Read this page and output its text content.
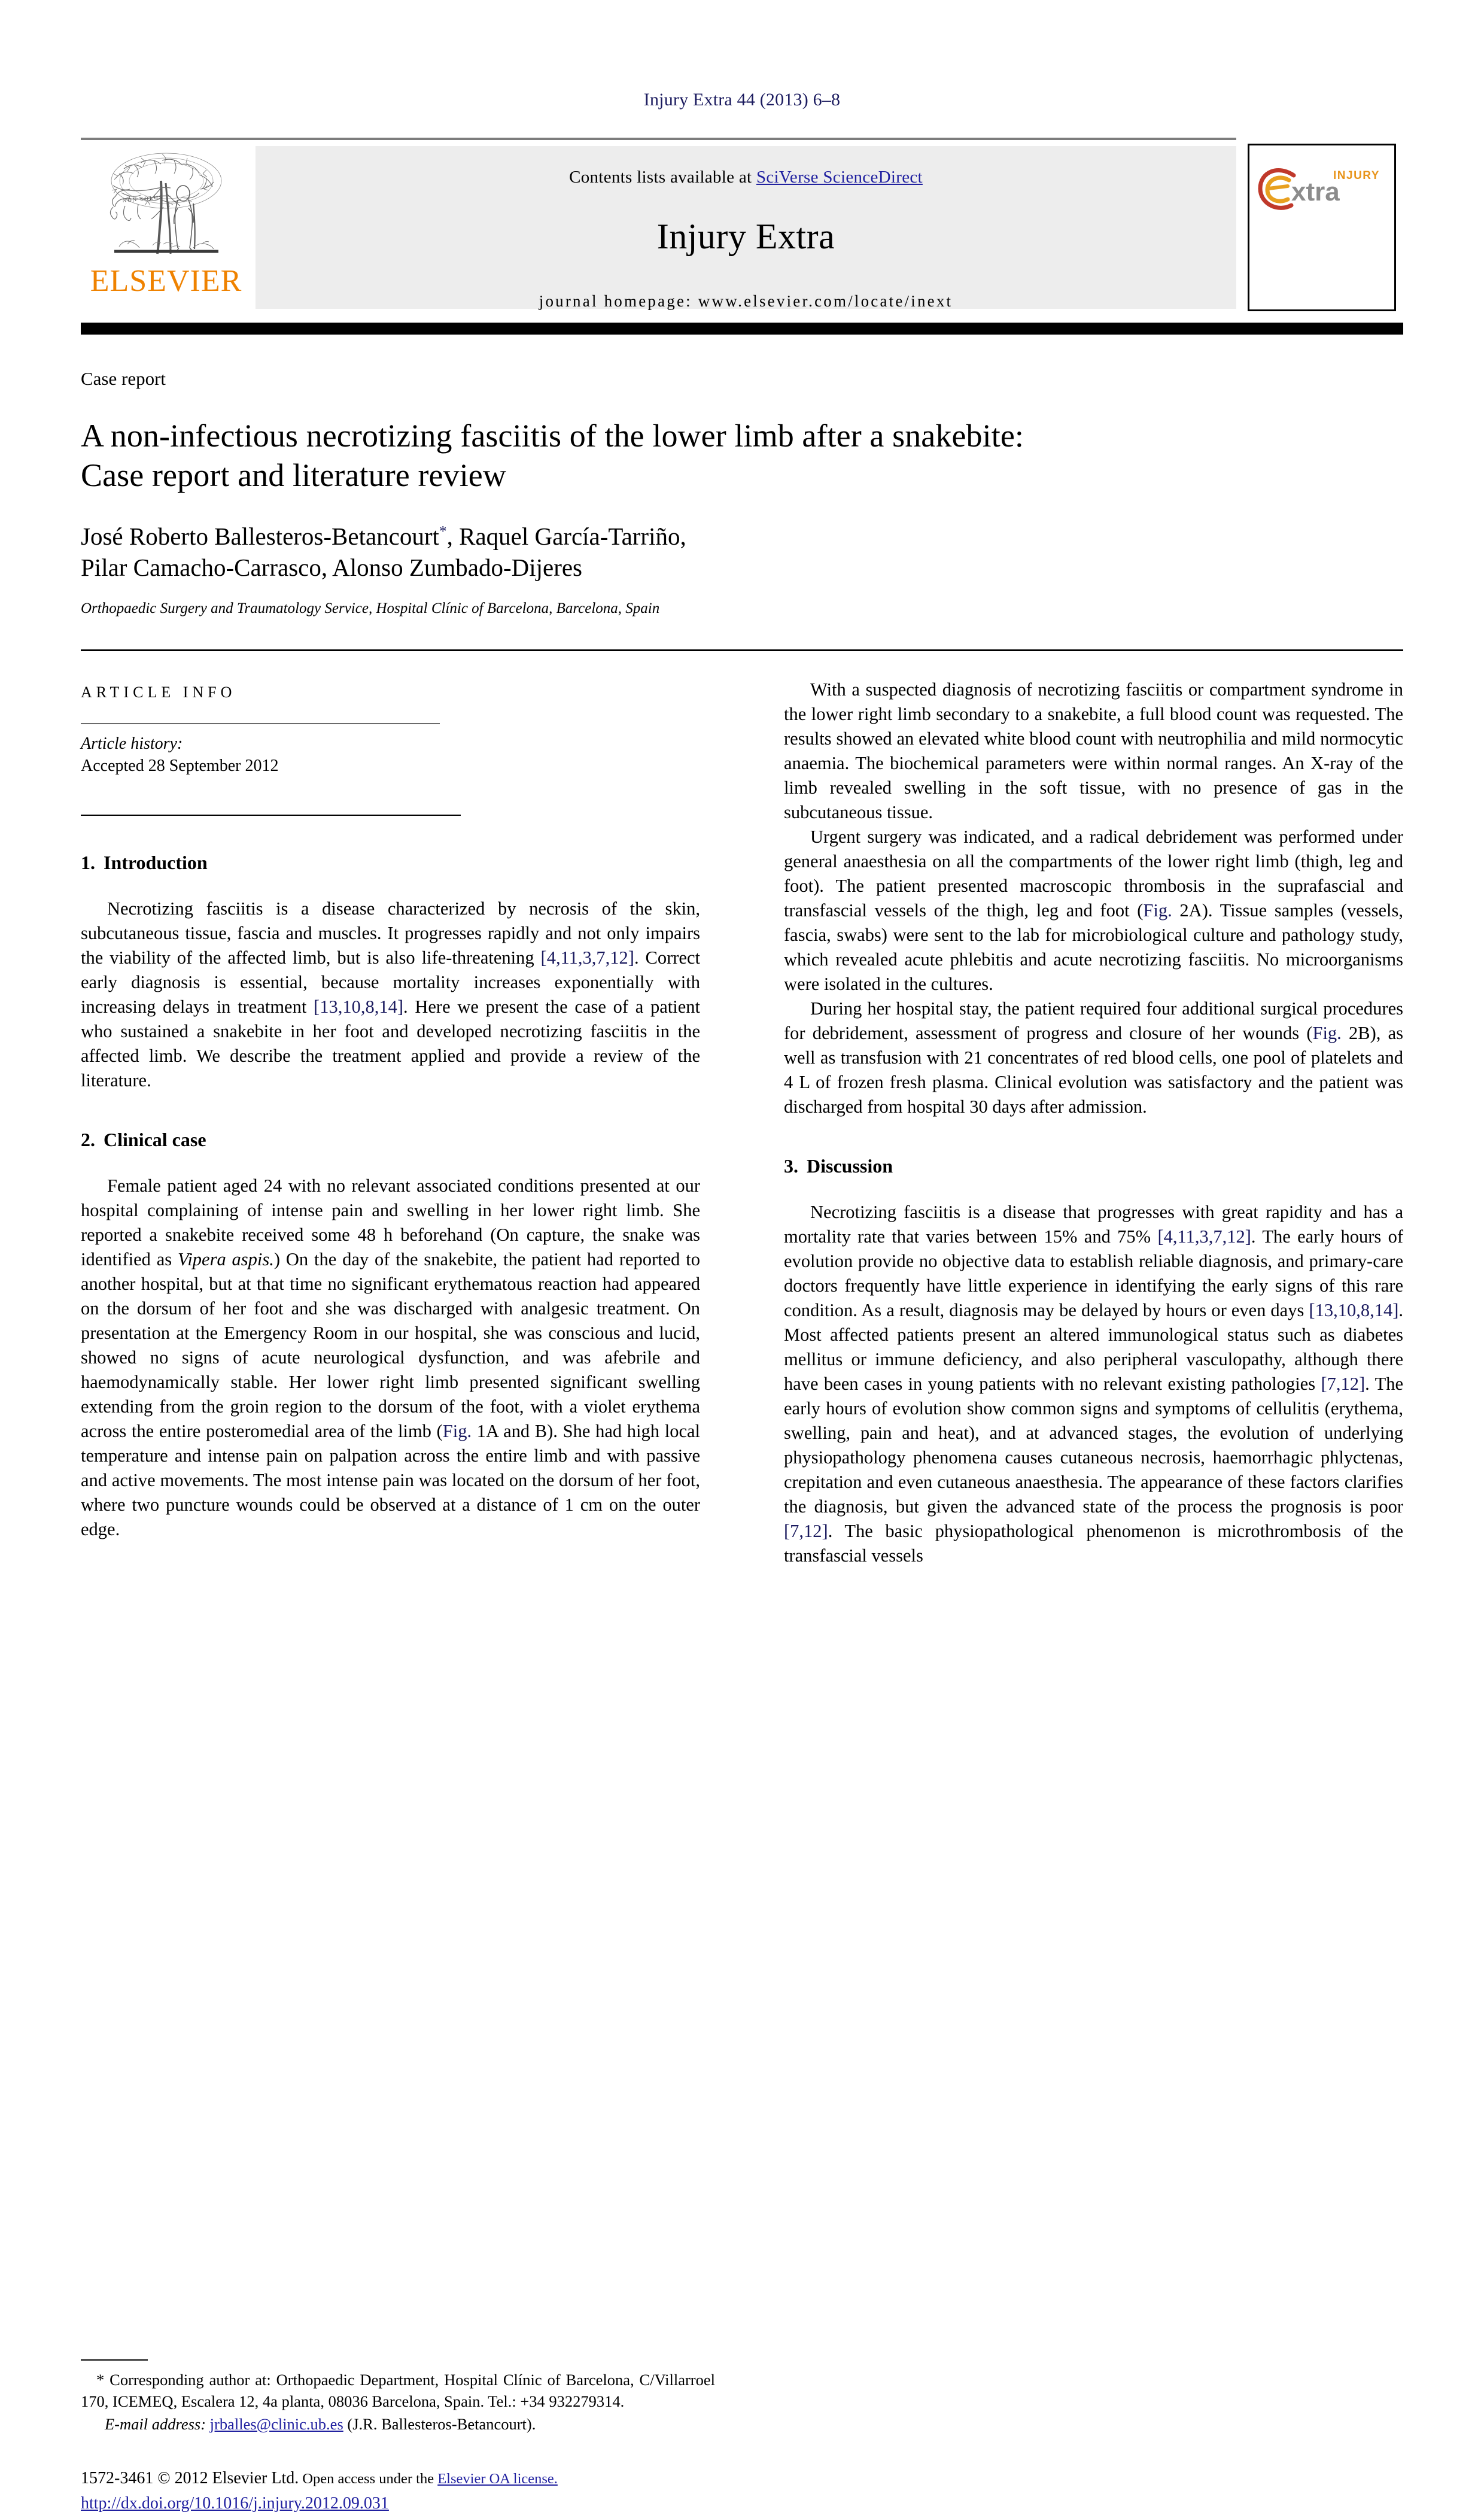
Injury Extra 44 (2013) 6–8
NON SOLUS
ELSEVIER
Contents lists available at SciVerse ScienceDirect
Injury Extra
journal homepage: www.elsevier.com/locate/inext
xtra
INJURY
Case report
A non-infectious necrotizing fasciitis of the lower limb after a snakebite:
Case report and literature review
José Roberto Ballesteros-Betancourt*, Raquel García-Tarriño,
Pilar Camacho-Carrasco, Alonso Zumbado-Dijeres
Orthopaedic Surgery and Traumatology Service, Hospital Clínic of Barcelona, Barcelona, Spain
ARTICLE INFO
Article history:
Accepted 28 September 2012
1. Introduction

Necrotizing fasciitis is a disease characterized by necrosis of the skin, subcutaneous tissue, fascia and muscles. It progresses rapidly and not only impairs the viability of the affected limb, but is also life-threatening [4,11,3,7,12]. Correct early diagnosis is essential, because mortality increases exponentially with increasing delays in treatment [13,10,8,14]. Here we present the case of a patient who sustained a snakebite in her foot and developed necrotizing fasciitis in the affected limb. We describe the treatment applied and provide a review of the literature.

2. Clinical case

Female patient aged 24 with no relevant associated conditions presented at our hospital complaining of intense pain and swelling in her lower right limb. She reported a snakebite received some 48 h beforehand (On capture, the snake was identified as Vipera aspis.) On the day of the snakebite, the patient had reported to another hospital, but at that time no significant erythematous reaction had appeared on the dorsum of her foot and she was discharged with analgesic treatment. On presentation at the Emergency Room in our hospital, she was conscious and lucid, showed no signs of acute neurological dysfunction, and was afebrile and haemodynamically stable. Her lower right limb presented significant swelling extending from the groin region to the dorsum of the foot, with a violet erythema across the entire posteromedial area of the limb (Fig. 1A and B). She had high local temperature and intense pain on palpation across the entire limb and with passive and active movements. The most intense pain was located on the dorsum of her foot, where two puncture wounds could be observed at a distance of 1 cm on the outer edge.

* Corresponding author at: Orthopaedic Department, Hospital Clínic of Barcelona, C/Villarroel 170, ICEMEQ, Escalera 12, 4a planta, 08036 Barcelona, Spain. Tel.: +34 932279314.

E-mail address: jrballes@clinic.ub.es (J.R. Ballesteros-Betancourt).

1572-3461 © 2012 Elsevier Ltd. Open access under the Elsevier OA license.
http://dx.doi.org/10.1016/j.injury.2012.09.031

With a suspected diagnosis of necrotizing fasciitis or compartment syndrome in the lower right limb secondary to a snakebite, a full blood count was requested. The results showed an elevated white blood count with neutrophilia and mild normocytic anaemia. The biochemical parameters were within normal ranges. An X-ray of the limb revealed swelling in the soft tissue, with no presence of gas in the subcutaneous tissue.

Urgent surgery was indicated, and a radical debridement was performed under general anaesthesia on all the compartments of the lower right limb (thigh, leg and foot). The patient presented macroscopic thrombosis in the suprafascial and transfascial vessels of the thigh, leg and foot (Fig. 2A). Tissue samples (vessels, fascia, swabs) were sent to the lab for microbiological culture and pathology study, which revealed acute phlebitis and acute necrotizing fasciitis. No microorganisms were isolated in the cultures.

During her hospital stay, the patient required four additional surgical procedures for debridement, assessment of progress and closure of her wounds (Fig. 2B), as well as transfusion with 21 concentrates of red blood cells, one pool of platelets and 4 L of frozen fresh plasma. Clinical evolution was satisfactory and the patient was discharged from hospital 30 days after admission.

3. Discussion

Necrotizing fasciitis is a disease that progresses with great rapidity and has a mortality rate that varies between 15% and 75% [4,11,3,7,12]. The early hours of evolution provide no objective data to establish reliable diagnosis, and primary-care doctors frequently have little experience in identifying the early signs of this rare condition. As a result, diagnosis may be delayed by hours or even days [13,10,8,14]. Most affected patients present an altered immunological status such as diabetes mellitus or immune deficiency, and also peripheral vasculopathy, although there have been cases in young patients with no relevant existing pathologies [7,12]. The early hours of evolution show common signs and symptoms of cellulitis (erythema, swelling, pain and heat), and at advanced stages, the evolution of underlying physiopathology phenomena causes cutaneous necrosis, haemorrhagic phlyctenas, crepitation and even cutaneous anaesthesia. The appearance of these factors clarifies the diagnosis, but given the advanced state of the process the prognosis is poor [7,12]. The basic physiopathological phenomenon is microthrombosis of the transfascial vessels
